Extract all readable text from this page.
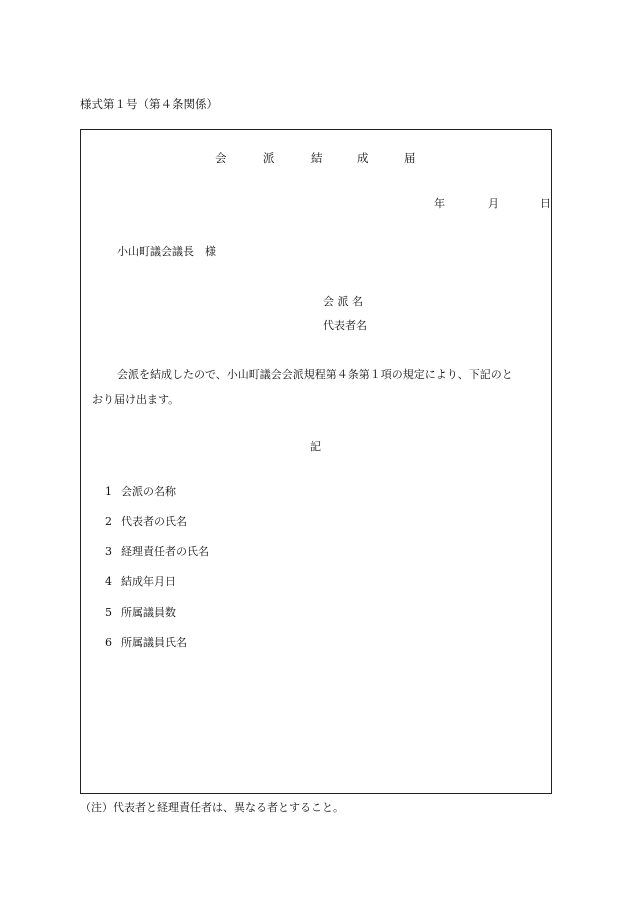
様式第１号（第４条関係）
会	派	結	成	届
年	月	日
小山町議会議長　様
会 派 名
代表者名
会派を結成したので、小山町議会会派規程第４条第１項の規定により、下記のと
おり届け出ます。
記
1 会派の名称
2 代表者の氏名
3 経理責任者の氏名
4 結成年月日
5 所属議員数
6 所属議員氏名
（注）代表者と経理責任者は、異なる者とすること。
